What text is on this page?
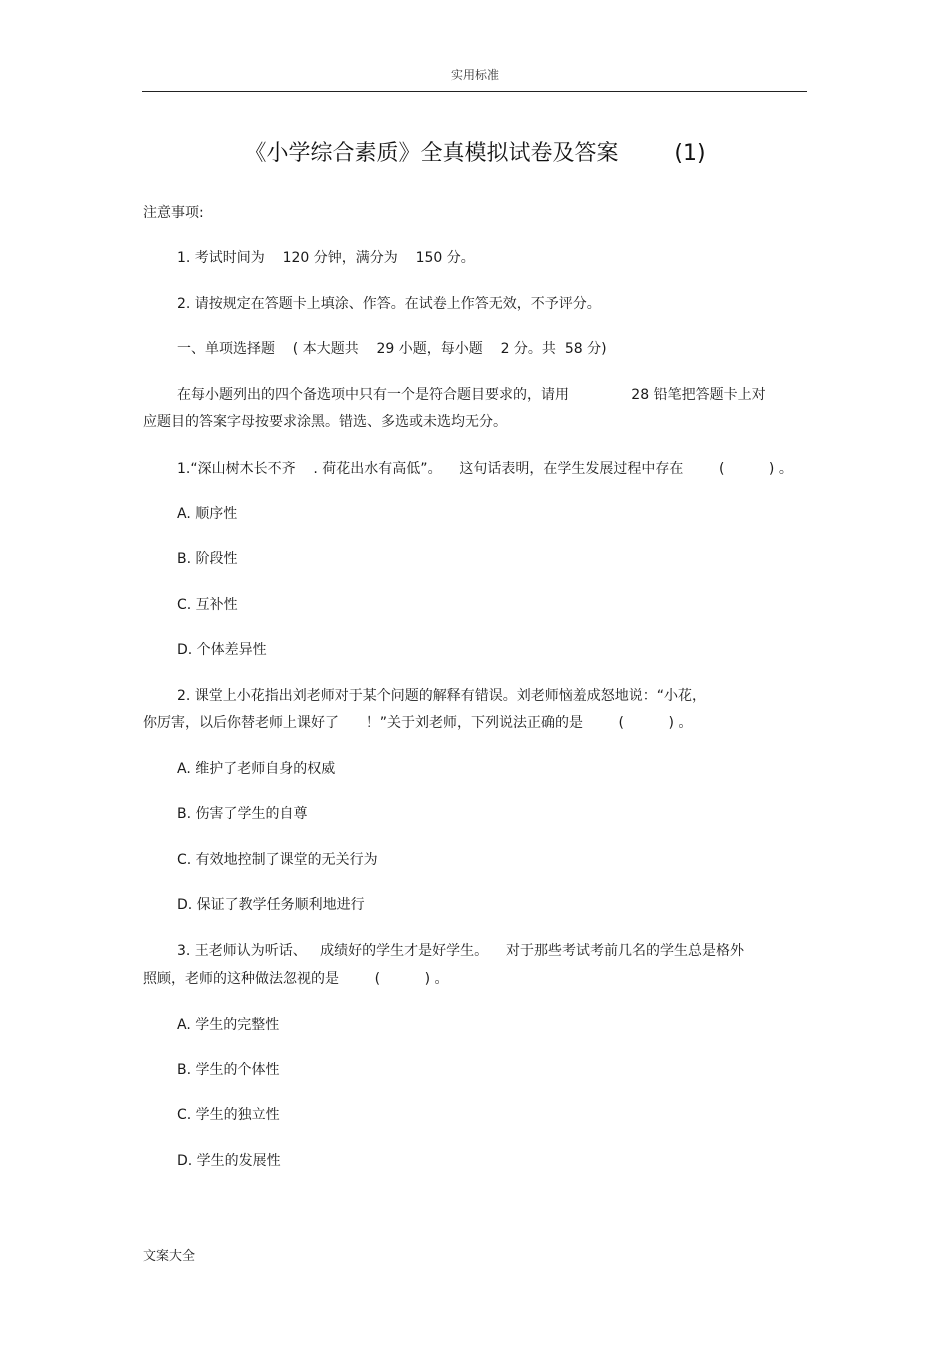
实用标准
《小学综合素质》全真模拟试卷及答案        (1)
注意事项:
1. 考试时间为    120 分钟，满分为    150 分。
2. 请按规定在答题卡上填涂、作答。在试卷上作答无效，不予评分。
一、单项选择题    ( 本大题共    29 小题，每小题    2 分。共  58 分)
在每小题列出的四个备选项中只有一个是符合题目要求的，请用              28 铅笔把答题卡上对
应题目的答案字母按要求涂黑。错选、多选或未选均无分。
1.“深山树木长不齐    . 荷花出水有高低”。    这句话表明，在学生发展过程中存在        (          ) 。
A. 顺序性
B. 阶段性
C. 互补性
D. 个体差异性
2. 课堂上小花指出刘老师对于某个问题的解释有错误。刘老师恼羞成怒地说：“小花，
你厉害，以后你替老师上课好了      ！”关于刘老师，下列说法正确的是        (          ) 。
A. 维护了老师自身的权威
B. 伤害了学生的自尊
C. 有效地控制了课堂的无关行为
D. 保证了教学任务顺利地进行
3. 王老师认为听话、   成绩好的学生才是好学生。    对于那些考试考前几名的学生总是格外
照顾，老师的这种做法忽视的是        (          ) 。
A. 学生的完整性
B. 学生的个体性
C. 学生的独立性
D. 学生的发展性
文案大全
